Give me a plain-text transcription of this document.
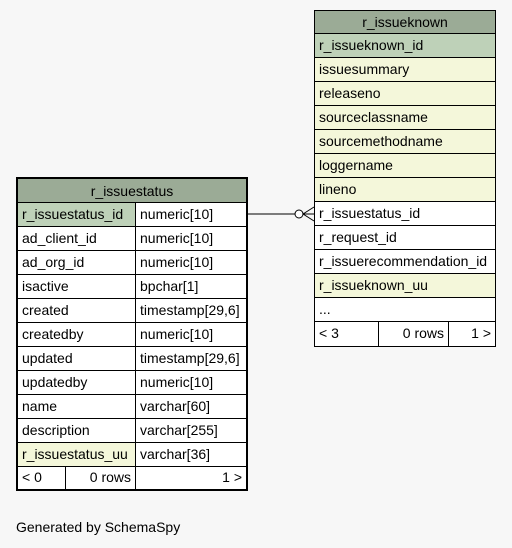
r_issuestatus
r_issuestatus_id	numeric[10]
ad_client_id	numeric[10]
ad_org_id	numeric[10]
isactive	bpchar[1]
created	timestamp[29,6]
createdby	numeric[10]
updated	timestamp[29,6]
updatedby	numeric[10]
name	varchar[60]
description	varchar[255]
r_issuestatus_uu varchar[36]
< 0	0 rows	1 >
r_issueknown
r_issueknown_id
issuesummary
releaseno
sourceclassname
sourcemethodname
loggername
lineno
r_issuestatus_id
r_request_id
r_issuerecommendation_id
r_issueknown_uu
...
< 3	0 rows	1 >
Generated by SchemaSpy
